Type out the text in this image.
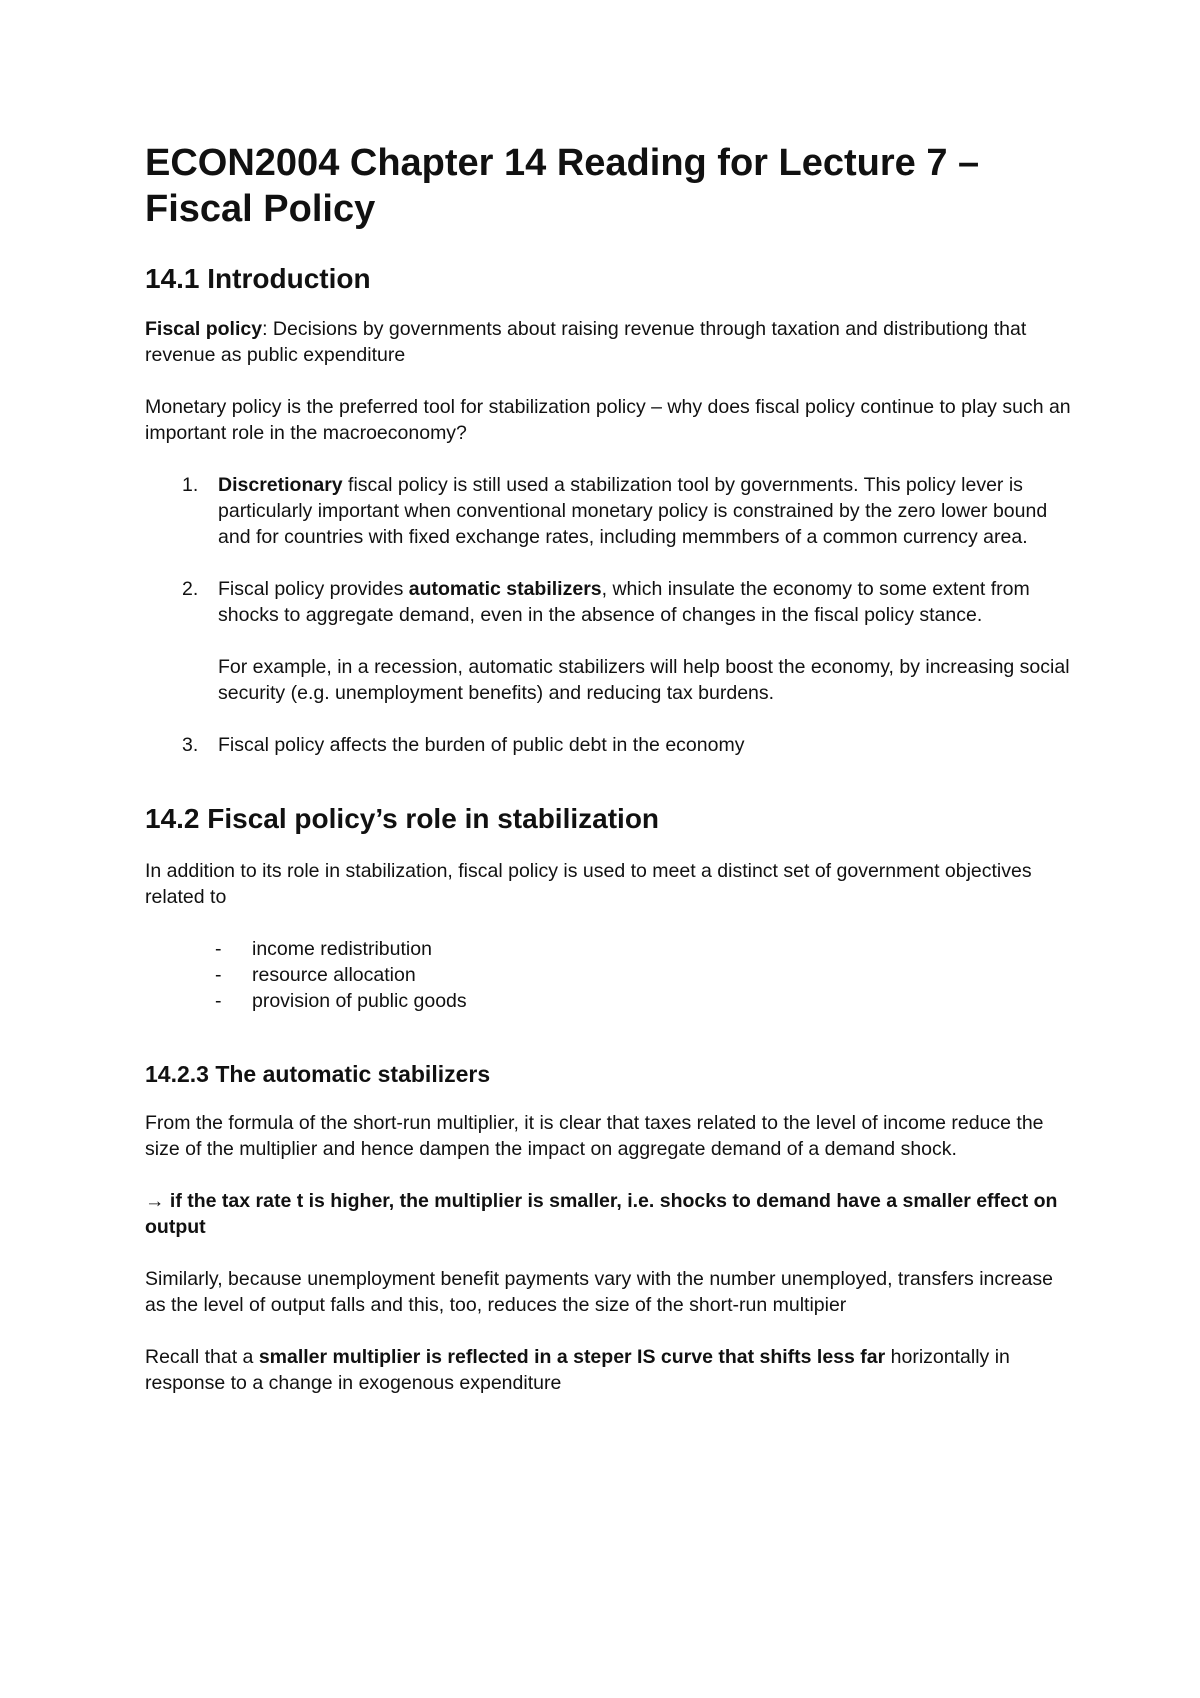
ECON2004 Chapter 14 Reading for Lecture 7 – Fiscal Policy
14.1 Introduction

Fiscal policy: Decisions by governments about raising revenue through taxation and distributiong that revenue as public expenditure

Monetary policy is the preferred tool for stabilization policy – why does fiscal policy continue to play such an important role in the macroeconomy?

1. Discretionary fiscal policy is still used a stabilization tool by governments. This policy lever is particularly important when conventional monetary policy is constrained by the zero lower bound and for countries with fixed exchange rates, including memmbers of a common currency area.
2. Fiscal policy provides automatic stabilizers, which insulate the economy to some extent from shocks to aggregate demand, even in the absence of changes in the fiscal policy stance.
For example, in a recession, automatic stabilizers will help boost the economy, by increasing social security (e.g. unemployment benefits) and reducing tax burdens.
3. Fiscal policy affects the burden of public debt in the economy
14.2 Fiscal policy’s role in stabilization

In addition to its role in stabilization, fiscal policy is used to meet a distinct set of government objectives related to

- income redistribution
- resource allocation
- provision of public goods
14.2.3 The automatic stabilizers

From the formula of the short-run multiplier, it is clear that taxes related to the level of income reduce the size of the multiplier and hence dampen the impact on aggregate demand of a demand shock.

→ if the tax rate t is higher, the multiplier is smaller, i.e. shocks to demand have a smaller effect on output

Similarly, because unemployment benefit payments vary with the number unemployed, transfers increase as the level of output falls and this, too, reduces the size of the short-run multipier

Recall that a smaller multiplier is reflected in a steper IS curve that shifts less far horizontally in response to a change in exogenous expenditure
